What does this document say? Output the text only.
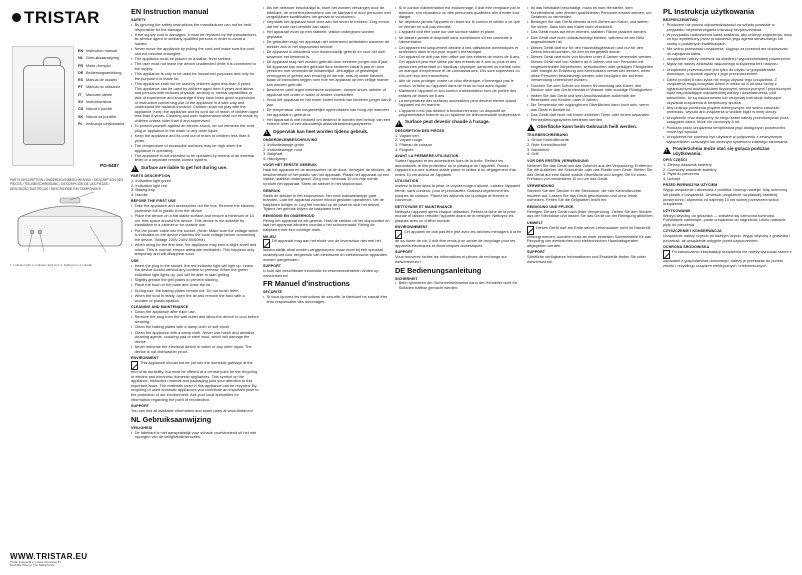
TRISTAR
EN Instruction manual
NL Gebruiksaanwijzing
FR Mode d'emploi
DE Bedienungsanleitung
ES Manual de usuario
PT Manual do utilizador
IT Manuale utente
SV Instruktionsbok
CS Návod k použití
SK Návod na použitie
PL Instrukcja użytkowania
PD-8487
PARTS DESCRIPTION / ONDERDELENBESCHRIJVING / DESCRIPTION DES PIÈCES / TEILEBESCHREIBUNG / DESCRIPCIÓN DE LAS PIEZAS / DESCRIÇÃO DAS PEÇAS / DESCRIZIONE DEI COMPONENTI
1. Indicator light 2. Indicator light lens 3. Selling box 4. Handle
WWW.TRISTAR.EU
Tristar Europe B.V. | Jules Verneweg 87
5015 BH Tilburg | The Netherlands
EN Instruction manual
SAFETY
• By ignoring the safety instructions the manufacturer can not be held responsible for the damage.
• If the supply cord is damaged, it must be replaced by the manufacturer, its service agent or similarly qualified persons in order to avoid a hazard.
• Never move the appliance by pulling the cord and make sure the cord can not become entangled.
• The appliance must be placed on a stable, level surface.
• The user must not leave the device unattended while it is connected to the supply.
• This appliance is only to be used for household purposes and only for the purpose it is made for.
• This appliance shall not be used by children aged less than 8 years. This appliance can be used by children aged from 8 years and above and persons with reduced physical, sensory or mental capabilities or lack of experience and knowledge if they have been given supervision or instruction concerning use of the appliance in a safe way and understand the hazards involved. Children shall not play with the appliance. Keep the appliance and its cord out of reach of children aged less than 8 years. Cleaning and user maintenance shall not be made by children unless older than 8 and supervised.
• To protect yourself against an electric shock, do not immerse the cord, plug or appliance in the water or any other liquid.
• Keep the appliance and its cord out of reach of children less than 8 years.
• The temperature of accessible surfaces may be high when the appliance is operating.
• The appliance is not intended to be operated by means of an external timer or a separate remote-control system.
!
Surface are liable to get hot during use.
PARTS DESCRIPTION
1. Indication light green
2. Indication light red
3. Baking tray
4. Handle
BEFORE THE FIRST USE
• Take the appliance and accessoires out the box. Remove the stickers, protective foil or plastic from the device.
• Place the device on a flat stable surface and ensure a minimum of 10 cm. free space around the device. This device is not suitable for installation in a cabinet or for outside use.
• Put the power cable into the socket. (Note: Make sure the voltage which is indicated on the device matches the local voltage before connecting the device. Voltage 220V-240V 50/60Hz)
• When using for the first time, the appliance may emit a slight smell and odour. This is normal, ensure adequate ventilation. This happens only temporary and will disappear soon.
USE
• Insert the plug in the socket, the red indicator light will light up. Leave the device closed without any content to preheat. When the green indication light lights up, you will be able to start grilling.
• Slightly grease the grill plates to prevent sticking.
• Place the food on the plate and close the lid.
• During use, the baking plates remain hot. Do not touch them.
• When the food is ready, open the lid and remove the food with a wooden or plastic spatula.
CLEANING AND MAINTENANCE
• Clean the appliance after each use.
• Remove the plug from the wall outlet and allow the device to cool before cleaning.
• Clean the baking plates with a damp cloth or soft brush.
• Clean the appliance with a damp cloth. Never use harsh and abrasive cleaning agents, scouring pad or steel wool, which will damage the device.
• Never immerse the electrical device in water or any other liquid. The device is not dishwasher proof.
ENVIRONMENT

This appliance should not be put into the domestic garbage at the end of its durability, but must be offered at a central point for the recycling of electric and electronic domestic appliances. This symbol on the appliance, instruction manual and packaging puts your attention to this important issue. The materials used in this appliance can be recycled. By recycling of used domestic appliances you contribute an important push to the protection of our environment. Ask your local authorities for information regarding the point of recollection.

SUPPORT

You can find all available information and spare parts at www.tristar.eu!

NL Gebruiksaanwijzing
VEILIGHEID
• De fabrikant is niet aansprakelijk voor schade voortvloeiend uit het niet opvolgen van de veiligheidsinstructies.
• Als het netsnoer beschadigd is, moet het worden vervangen door de fabrikant, de onderhoudsmonteur van de fabrikant of door personen met vergelijkbare kwalificaties om gevaar te voorkomen.
• Verplaats het apparaat nooit door aan het snoer te trekken. Zorg ervoor dat het snoer niet verstrikt kan raken.
• Het apparaat moet op een stabiele, vlakke ondergrond worden geplaatst.
• De gebruiker mag het apparaat niet onbeheerd achterlaten wanneer de stekker zich in het stopcontact bevindt.
• Dit apparaat is uitsluitend voor huishoudelijk gebruik en voor het doel waarvoor het bestemd is.
• Dit apparaat mag niet worden gebruikt door kinderen jonger dan 8 jaar. Dit apparaat kan worden gebruikt door kinderen vanaf 8 jaar en door personen met verminderde lichamelijke, zintuiglijke of geestelijke vermogens of gebrek aan ervaring en kennis, mits zij onder toezicht staan of instructies krijgen over hoe het apparaat op een veilige manier kan worden gebruikt.
• Bescherm uzelf tegen elektrische schokken: dompel snoer, stekker of apparaat niet onder in water of andere vloeistoffen.
• Houd het apparaat en het snoer buiten bereik van kinderen jonger dan 8 jaar.
• De temperatuur van toegankelijke oppervlakken kan hoog zijn wanneer het apparaat in gebruik is.
• Het apparaat is niet bedoeld om bediend te worden met behulp van een externe timer of een afzonderlijk afstandsbedieningssysteem.
!
Oppervlak kan heet worden tijdens gebruik.
ONDERDELENBESCHRIJVING
1. Indicatielampje groen
2. Indicatielampje rood
3. Bakplaat
4. Handgreep
VOOR HET EERSTE GEBRUIK

Haal het apparaat en de accessoires uit de doos. Verwijder de stickers, de beschermfolie of het plastic van het apparaat. Plaats het apparaat op een vlakke, stabiele ondergrond. Zorg voor minimaal 10 cm vrije ruimte rondom het apparaat. Steek de stekker in het stopcontact.

GEBRUIK

Steek de stekker in het stopcontact. Het rode indicatielampje gaat branden. Laat het apparaat zonder inhoud gesloten opwarmen. Vet de bakplaten lichtjes in. Leg het voedsel op de plaat en sluit het deksel. Tijdens het gebruik blijven de bakplaten heet.

REINIGING EN ONDERHOUD

Reinig het apparaat na elk gebruik. Haal de stekker uit het stopcontact en laat het apparaat afkoelen voordat u het schoonmaakt. Reinig de bakplaten met een vochtige doek.

MILIEU

Dit apparaat mag aan het einde van de levensduur niet met het huishoudelijk afval worden weggeworpen, maar moet bij een speciaal inzamelpunt voor hergebruik van elektrische en elektronische apparaten worden aangeboden.

SUPPORT

U kunt alle beschikbare informatie en reserveonderdelen vinden op www.tristar.eu!

FR Manuel d'instructions
SÉCURITÉ
• Si vous ignorez les instructions de sécurité, le fabricant ne saurait être tenu responsable des dommages.
• Si le cordon d'alimentation est endommagé, il doit être remplacé par le fabricant, son réparateur ou des personnes qualifiées afin d'éviter tout danger.
• Ne déplacez jamais l'appareil en tirant sur le cordon et veillez à ce que ce dernier ne soit pas emmêlé.
• L'appareil doit être posé sur une surface stable et plane.
• Ne laissez jamais le dispositif sans surveillance s'il est connecté à l'alimentation.
• Cet appareil est uniquement destiné à des utilisations domestiques et seulement dans le but pour lequel il est fabriqué.
• Cet appareil ne doit pas être utilisé par des enfants de moins de 8 ans. Cet appareil peut être utilisé par des enfants de 8 ans ou plus et des personnes présentant un handicap physique, sensoriel ou mental voire un manque d'expérience et de connaissances, s'ils sont supervisés ou s'ils ont reçu des instructions.
• Afin de vous protéger contre un choc électrique, n'immergez pas le cordon, la fiche ou l'appareil dans de l'eau ou tout autre liquide.
• Maintenez l'appareil et son cordon d'alimentation hors de portée des enfants de moins de 8 ans.
• La température des surfaces accessibles peut devenir élevée quand l'appareil est en marche.
• L'appareil n'est pas destiné à fonctionner avec un dispositif de programmation externe ou un système de télécommande indépendant.
!
Surface peut devenir chaude à l'usage.
DESCRIPTION DES PIÈCES
1. Voyant vert
2. Voyant rouge
3. Plateau de cuisson
4. Poignée
AVANT LA PREMIÈRE UTILISATION

Sortez l'appareil et les accessoires hors de la boîte. Retirez les autocollants, le film protecteur ou le plastique de l'appareil. Placez l'appareil sur une surface stable plane et veillez à un dégagement d'au moins 10 cm autour de l'appareil.

UTILISATION

Insérez la fiche dans la prise, le voyant rouge s'allume. Laissez l'appareil fermé, sans contenu, pour le préchauffer. Graissez légèrement les plaques de cuisson. Placez les aliments sur la plaque et fermez le couvercle.

NETTOYAGE ET MAINTENANCE

Nettoyez l'appareil après chaque utilisation. Retirez la fiche de la prise murale et laissez refroidir l'appareil avant de le nettoyer. Nettoyez les plaques avec un chiffon humide.

ENVIRONNEMENT

Cet appareil ne doit pas être jeté avec les déchets ménagers à la fin de sa durée de vie, il doit être remis à un centre de recyclage pour les appareils électriques et électroniques domestiques.

SUPPORT

Vous trouverez toutes les informations et pièces de rechange sur www.tristar.eu !

DE Bedienungsanleitung
SICHERHEIT
• Beim Ignorieren der Sicherheitshinweise kann der Hersteller nicht für Schäden haftbar gemacht werden.
• Ist das Netzkabel beschädigt, muss es vom Hersteller, dem Kundendienst oder ähnlich qualifizierten Personen ersetzt werden, um Gefahren zu vermeiden.
• Bewegen Sie das Gerät niemals durch Ziehen am Kabel, und stellen Sie sicher, dass sich das Kabel nicht verwickelt.
• Das Gerät muss auf einer ebenen, stabilen Fläche platziert werden.
• Das Gerät darf nicht unbeaufsichtigt bleiben, während es am Netz angeschlossen ist.
• Dieses Gerät darf nur für den Haushaltsgebrauch und nur für den Zweck benutzt werden, für den es hergestellt wurde.
• Dieses Gerät darf nicht von Kindern unter 8 Jahren verwendet werden. Dieses Gerät darf von Kindern ab 8 Jahren und von Personen mit eingeschränkten körperlichen, sensorischen oder geistigen Fähigkeiten oder Mangel an Erfahrung und Kenntnissen verwendet werden, wenn diese Personen beaufsichtigt werden oder bezüglich der sicheren Verwendung unterrichtet wurden.
• Tauchen Sie zum Schutz vor einem Stromschlag das Kabel, den Stecker oder das Gerät niemals in Wasser oder sonstige Flüssigkeiten.
• Halten Sie das Gerät und sein Anschlusskabel außerhalb der Reichweite von Kindern unter 8 Jahren.
• Die Temperatur der zugänglichen Oberflächen kann hoch sein, wenn das Gerät in Betrieb ist.
• Das Gerät darf nicht mit einem externen Timer oder einem separaten Fernbedienungssystem betrieben werden.
!
Oberfläche kann beim Gebrauch heiß werden.
TEILEBESCHREIBUNG
1. Grüne Kontrollleuchte
2. Rote Kontrollleuchte
3. Backblech
4. Griff
VOR DER ERSTEN VERWENDUNG

Nehmen Sie das Gerät und das Zubehör aus der Verpackung. Entfernen Sie die Aufkleber, die Schutzfolie oder das Plastik vom Gerät. Stellen Sie das Gerät auf eine flache stabile Oberfläche und sorgen Sie für einen Freiraum von mindestens 10 cm um das Gerät.

VERWENDUNG

Stecken Sie den Stecker in die Steckdose, die rote Kontrollleuchte leuchtet auf. Lassen Sie das Gerät geschlossen und ohne Inhalt vorheizen. Fetten Sie die Grillplatten leicht ein.

REINIGUNG UND PFLEGE

Reinigen Sie das Gerät nach jeder Verwendung. Ziehen Sie den Stecker aus der Steckdose und lassen Sie das Gerät vor der Reinigung abkühlen.

UMWELT

Dieses Gerät darf am Ende seiner Lebensdauer nicht im Hausmüll entsorgt werden, sondern muss an einer zentralen Sammelstelle für das Recycling von elektrischen und elektronischen Haushaltsgeräten abgegeben werden.

SUPPORT

Sämtliche verfügbaren Informationen und Ersatzteile finden Sie unter www.tristar.eu!

PL Instrukcja użytkowania
BEZPIECZEŃSTWO
• Producent nie ponosi odpowiedzialności za szkody powstałe w przypadku nieprzestrzegania instrukcji bezpieczeństwa.
• W przypadku uszkodzenia kabla zasilania, aby uniknąć zagrożenia, musi on być wymieniony przez producenta, jego agenta serwisowego lub osobę o podobnych kwalifikacjach.
• Nie wolno przesuwać urządzenia, ciągnąc za przewód ani dopuszczać do zaplątania kabla.
• Urządzenie należy umieścić na stabilnej i wypoziomowanej powierzchni.
• Nigdy nie należy zostawiać włączonego urządzenia bez nadzoru.
• Urządzenie przeznaczone jest tylko do użytku w gospodarstwie domowym, w sposób zgodny z jego przeznaczeniem.
• Dzieci poniżej 8 roku życia nie mogą używać tego urządzenia. Z urządzenia mogą korzystać dzieci w wieku od 8 lat oraz osoby z ograniczonymi możliwościami fizycznymi, sensorycznymi i psychicznymi bądź nieposiadające odpowiedniej wiedzy i doświadczenia, pod warunkiem, że są nadzorowane lub otrzymały instrukcje dotyczące używania urządzenia w bezpieczny sposób.
• Aby uniknąć porażenia prądem elektrycznym, nie wolno zanurzać przewodu, wtyczki ani urządzenia w wodzie bądź w innej cieczy.
• Urządzenie oraz dołączony do niego kabel należy przechowywać poza zasięgiem dzieci, które nie ukończyły 8 lat.
• Podczas pracy urządzenia temperatura jego dostępnych powierzchni może być wysoka.
• Urządzenie nie powinno być używane w połączeniu z zewnętrznym wyłącznikiem czasowym lub osobnym systemem zdalnego sterowania.
!
Powierzchnia może stać się gorąca podczas użytkowania.
OPIS CZĘŚCI
1. Zielony wskaźnik świetlny
2. Czerwony wskaźnik świetlny
3. Płyta do pieczenia
4. Uchwyt
PRZED PIERWSZYM UŻYCIEM

Wyjąć urządzenie i akcesoria z pudełka. Usunąć naklejki, folię ochronną lub plastik z urządzenia. Umieścić urządzenie na płaskiej, stabilnej powierzchni i zapewnić co najmniej 10 cm wolnej przestrzeni wokół urządzenia.

UŻYTKOWANIE

Włożyć wtyczkę do gniazdka — zaświeci się czerwona kontrolka. Pozostawić zamknięte, puste urządzenie do nagrzania. Lekko natłuścić płyty do pieczenia.

CZYSZCZENIE I KONSERWACJA

Urządzenie należy czyścić po każdym użyciu. Wyjąć wtyczkę z gniazdka i poczekać, aż urządzenie ostygnie przed czyszczeniem.

OCHRONA ŚRODOWISKA

Po zakończeniu eksploatacji urządzenia nie należy wyrzucać razem z odpadami z gospodarstwa domowego; należy je przekazać do punktu zbiórki i recyklingu urządzeń elektrycznych i elektronicznych.
